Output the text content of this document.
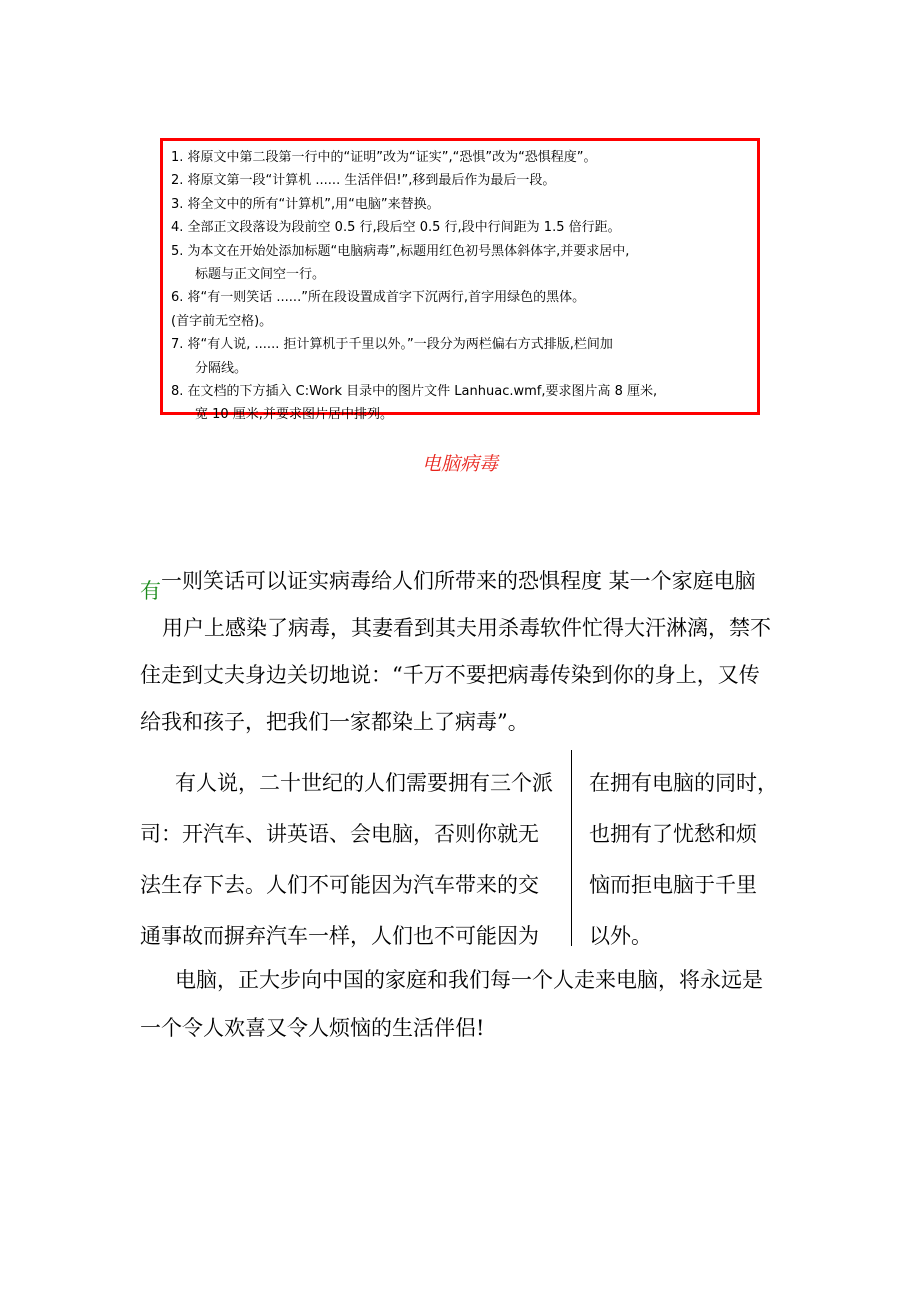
1. 将原文中第二段第一行中的“证明”改为“证实”,“恐惧”改为“恐惧程度”。
2. 将原文第一段“计算机 ...... 生活伴侣!”,移到最后作为最后一段。
3. 将全文中的所有“计算机”,用“电脑”来替换。
4. 全部正文段落设为段前空 0.5 行,段后空 0.5 行,段中行间距为 1.5 倍行距。
5. 为本文在开始处添加标题“电脑病毒”,标题用红色初号黑体斜体字,并要求居中,
标题与正文间空一行。
6. 将“有一则笑话 ......”所在段设置成首字下沉两行,首字用绿色的黑体。
(首字前无空格)。
7. 将“有人说, ...... 拒计算机于千里以外。”一段分为两栏偏右方式排版,栏间加
分隔线。
8. 在文档的下方插入 C:Work 目录中的图片文件 Lanhuac.wmf,要求图片高 8 厘米,
宽 10 厘米,并要求图片居中排列。
电脑病毒
有一则笑话可以证实病毒给人们所带来的恐惧程度 某一个家庭电脑
用户上感染了病毒，其妻看到其夫用杀毒软件忙得大汗淋漓，禁不
住走到丈夫身边关切地说：“千万不要把病毒传染到你的身上，又传
给我和孩子，把我们一家都染上了病毒”。
有人说，二十世纪的人们需要拥有三个派
司：开汽车、讲英语、会电脑，否则你就无
法生存下去。人们不可能因为汽车带来的交
通事故而摒弃汽车一样，人们也不可能因为
在拥有电脑的同时，
也拥有了忧愁和烦
恼而拒电脑于千里
以外。
电脑，正大步向中国的家庭和我们每一个人走来电脑，将永远是
一个令人欢喜又令人烦恼的生活伴侣!
